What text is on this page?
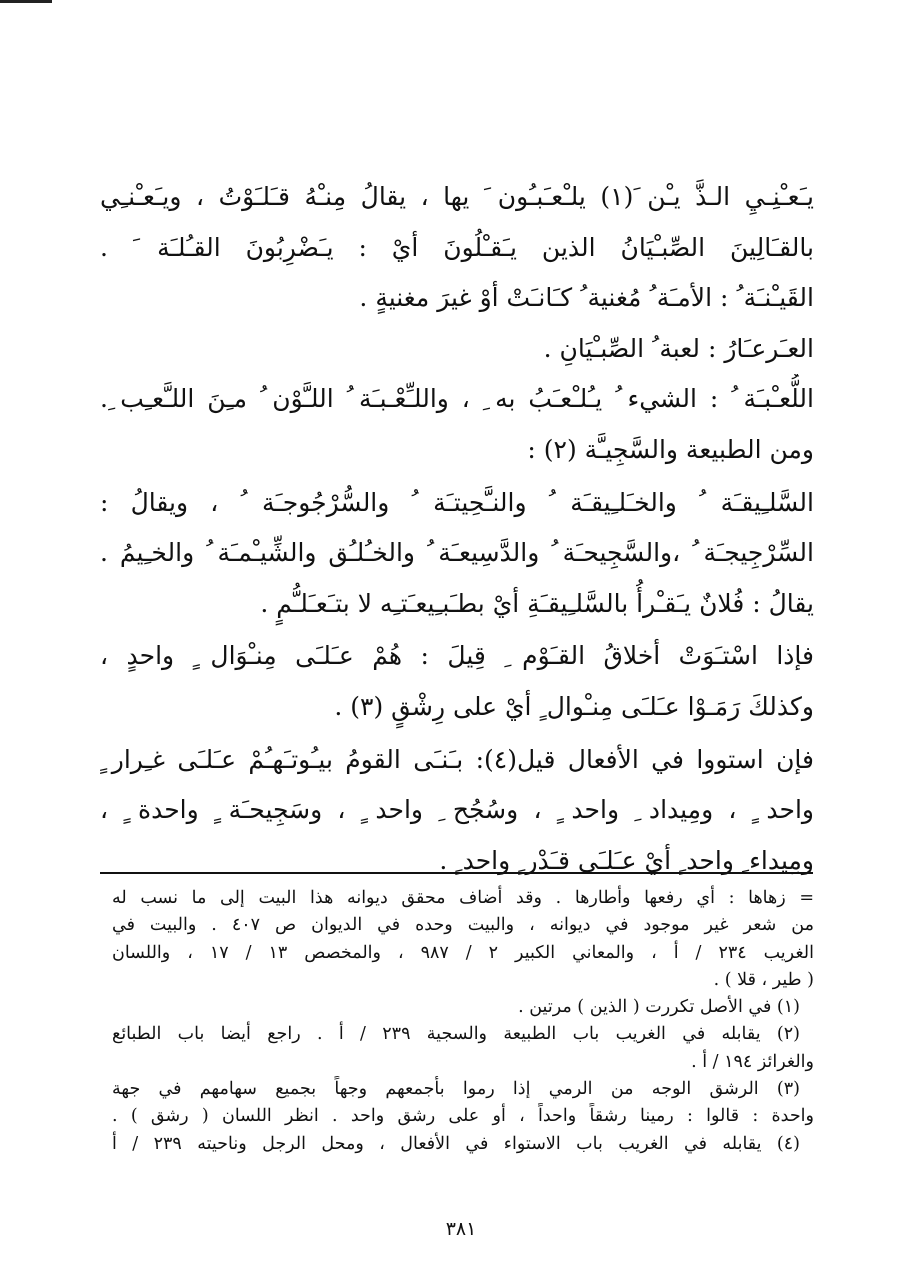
يـَعـْنِـيِ الـذَّ يـْن َ(١) يلـْعـَبـُون َ يها ، يقالُ مِنـْهُ قـَلـَوْتُ ، ويـَعـْنـِي
بالقـَالِينَ الصِّبـْيَانُ الذين يـَقـْلُونَ أيْ : يـَضْرِبُونَ القـُلـَة َ .
القَيـْنـَة ُ : الأمـَة ُ مُغنية ُ كـَانـَتْ أوْ غيرَ مغنيةٍ .
العـَرعـَارُ : لعبة ُ الصِّبـْيَانِ .
اللُّعـْبـَة ُ : الشيء ُ يـُلـْعـَبُ به ِ ، واللـِّعْـبـَة ُ اللـَّوْن ُ مـِنَ اللـَّعـِب ِ.
ومن الطبيعة والسَّجِيـَّة (٢) :
السَّلـِيقـَة ُ والخـَلـِيقـَة ُ والنـَّحِيتـَة ُ والسُّرْجُوجـَة ُ ، ويقالُ :
السِّرْجِيجـَة ُ ،والسَّجِيحـَة ُ والدَّسِيعـَة ُ والخـُلـُق والشِّيـْمـَة ُ والخـِيمُ .
يقالُ : فُلانٌ يـَقـْرأُ بالسَّلـِيقـَةِ أيْ بطـَبـِيعـَتـِه لا بتـَعـَلـُّمٍ .
فإذا اسْتـَوَتْ أخلاقُ القـَوْم ِ قِيلَ : هُمْ عـَلـَى مِنـْوَال ٍ واحدٍ ،
وكذلكَ رَمَـوْا عـَلـَى مِنـْوال ٍ أيْ على رِشْقٍ (٣) .
فإن استووا في الأفعال قيل(٤): بـَنـَى القومُ بيـُوتـَهـُمْ عـَلـَى غـِرار ٍ
واحد ٍ ، ومِيداد ِ واحد ٍ ، وسُجُح ِ واحد ٍ ، وسَجِيحـَة ٍ واحدة ٍ ،
ومِيداء ِ واحد ٍ أيْ عـَلـَى قـَدْر ٍ واحد ٍ .
= زهاها : أي رفعها وأطارها . وقد أضاف محقق ديوانه هذا البيت إلى ما نسب له
من شعر غير موجود في ديوانه ، والبيت وحده في الديوان ص ٤٠٧ . والبيت في
الغريب ٢٣٤ / أ ، والمعاني الكبير ٢ / ٩٨٧ ، والمخصص ١٣ / ١٧ ، واللسان
( طير ، قلا ) .
(١) في الأصل تكررت ( الذين ) مرتين .
(٢) يقابله في الغريب باب الطبيعة والسجية ٢٣٩ / أ . راجع أيضا باب الطبائع
والغرائز ١٩٤ / أ .
(٣) الرشق الوجه من الرمي إذا رموا بأجمعهم وجهاً بجميع سهامهم في جهة
واحدة : قالوا : رمينا رشقاً واحداً ، أو على رشق واحد . انظر اللسان ( رشق ) .
(٤) يقابله في الغريب باب الاستواء في الأفعال ، ومحل الرجل وناحيته ٢٣٩ / أ
٣٨١
